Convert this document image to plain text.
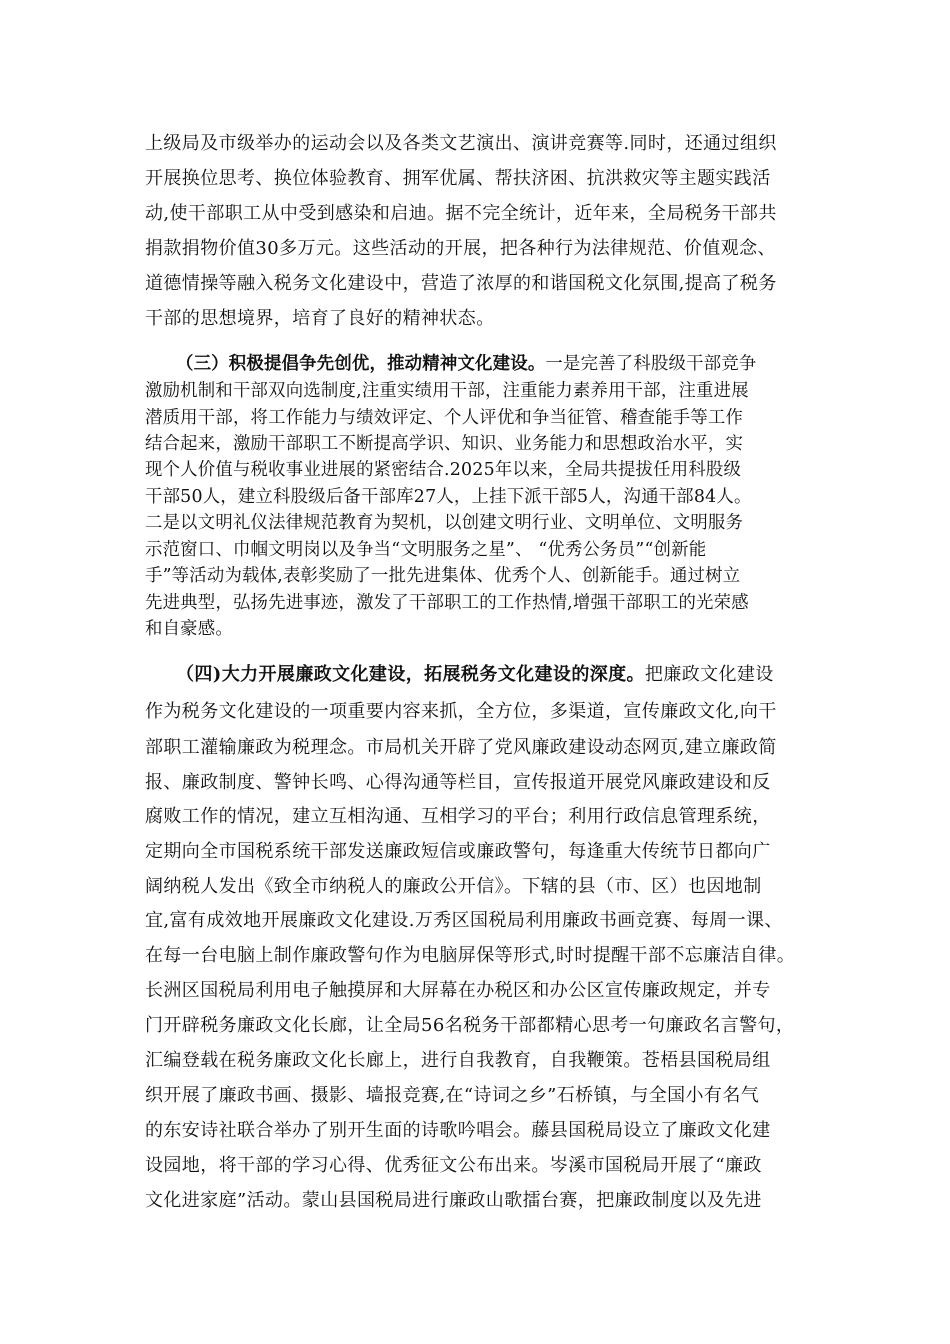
上级局及市级举办的运动会以及各类文艺演出、演讲竞赛等.同时，还通过组织
开展换位思考、换位体验教育、拥军优属、帮扶济困、抗洪救灾等主题实践活
动,使干部职工从中受到感染和启迪。据不完全统计，近年来，全局税务干部共
捐款捐物价值30多万元。这些活动的开展，把各种行为法律规范、价值观念、
道德情操等融入税务文化建设中，营造了浓厚的和谐国税文化氛围,提高了税务
干部的思想境界，培育了良好的精神状态。
（三）积极提倡争先创优，推动精神文化建设。一是完善了科股级干部竞争
激励机制和干部双向选制度,注重实绩用干部，注重能力素养用干部，注重进展
潜质用干部，将工作能力与绩效评定、个人评优和争当征管、稽查能手等工作
结合起来，激励干部职工不断提高学识、知识、业务能力和思想政治水平，实
现个人价值与税收事业进展的紧密结合.2025年以来，全局共提拔任用科股级
干部50人，建立科股级后备干部库27人，上挂下派干部5人，沟通干部84人。
二是以文明礼仪法律规范教育为契机，以创建文明行业、文明单位、文明服务
示范窗口、巾帼文明岗以及争当“文明服务之星”、 “优秀公务员”“创新能
手”等活动为载体,表彰奖励了一批先进集体、优秀个人、创新能手。通过树立
先进典型，弘扬先进事迹，激发了干部职工的工作热情,增强干部职工的光荣感
和自豪感。
（四)大力开展廉政文化建设，拓展税务文化建设的深度。把廉政文化建设
作为税务文化建设的一项重要内容来抓，全方位，多渠道，宣传廉政文化,向干
部职工灌输廉政为税理念。市局机关开辟了党风廉政建设动态网页,建立廉政简
报、廉政制度、警钟长鸣、心得沟通等栏目，宣传报道开展党风廉政建设和反
腐败工作的情况，建立互相沟通、互相学习的平台；利用行政信息管理系统，
定期向全市国税系统干部发送廉政短信或廉政警句，每逢重大传统节日都向广
阔纳税人发出《致全市纳税人的廉政公开信》。下辖的县（市、区）也因地制
宜,富有成效地开展廉政文化建设.万秀区国税局利用廉政书画竞赛、每周一课、
在每一台电脑上制作廉政警句作为电脑屏保等形式,时时提醒干部不忘廉洁自律。
长洲区国税局利用电子触摸屏和大屏幕在办税区和办公区宣传廉政规定，并专
门开辟税务廉政文化长廊，让全局56名税务干部都精心思考一句廉政名言警句，
汇编登载在税务廉政文化长廊上，进行自我教育，自我鞭策。苍梧县国税局组
织开展了廉政书画、摄影、墙报竞赛,在“诗词之乡”石桥镇，与全国小有名气
的东安诗社联合举办了别开生面的诗歌吟唱会。藤县国税局设立了廉政文化建
设园地，将干部的学习心得、优秀征文公布出来。岑溪市国税局开展了“廉政
文化进家庭”活动。蒙山县国税局进行廉政山歌擂台赛，把廉政制度以及先进
